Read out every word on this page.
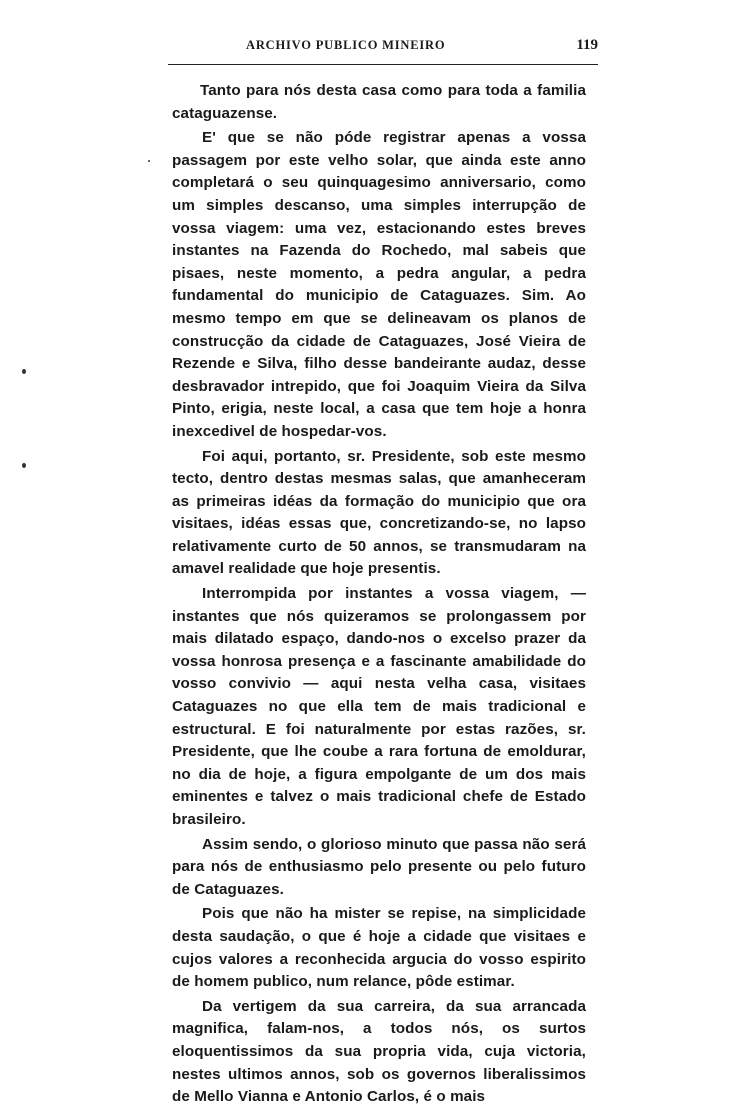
ARCHIVO PUBLICO MINEIRO	119

Tanto para nós desta casa como para toda a familia cataguazense.

E' que se não póde registrar apenas a vossa passagem por este velho solar, que ainda este anno completará o seu quinquagesimo anniversario, como um simples descanso, uma simples interrupção de vossa viagem: uma vez, estacionando estes breves instantes na Fazenda do Rochedo, mal sabeis que pisaes, neste momento, a pedra angular, a pedra fundamental do municipio de Cataguazes. Sim. Ao mesmo tempo em que se delineavam os planos de construcção da cidade de Cataguazes, José Vieira de Rezende e Silva, filho desse bandeirante audaz, desse desbravador intrepido, que foi Joaquim Vieira da Silva Pinto, erigia, neste local, a casa que tem hoje a honra inexcedivel de hospedar-vos.

Foi aqui, portanto, sr. Presidente, sob este mesmo tecto, dentro destas mesmas salas, que amanheceram as primeiras idéas da formação do municipio que ora visitaes, idéas essas que, concretizando-se, no lapso relativamente curto de 50 annos, se transmudaram na amavel realidade que hoje presentis.

Interrompida por instantes a vossa viagem, — instantes que nós quizeramos se prolongassem por mais dilatado espaço, dando-nos o excelso prazer da vossa honrosa presença e a fascinante amabilidade do vosso convivio — aqui nesta velha casa, visitaes Cataguazes no que ella tem de mais tradicional e estructural. E foi naturalmente por estas razões, sr. Presidente, que lhe coube a rara fortuna de emoldurar, no dia de hoje, a figura empolgante de um dos mais eminentes e talvez o mais tradicional chefe de Estado brasileiro.

Assim sendo, o glorioso minuto que passa não será para nós de enthusiasmo pelo presente ou pelo futuro de Cataguazes.

Pois que não ha mister se repise, na simplicidade desta saudação, o que é hoje a cidade que visitaes e cujos valores a reconhecida argucia do vosso espirito de homem publico, num relance, pôde estimar.

Da vertigem da sua carreira, da sua arrancada magnifica, falam-nos, a todos nós, os surtos eloquentissimos da sua propria vida, cuja victoria, nestes ultimos annos, sob os governos liberalissimos de Mello Vianna e Antonio Carlos, é o mais
